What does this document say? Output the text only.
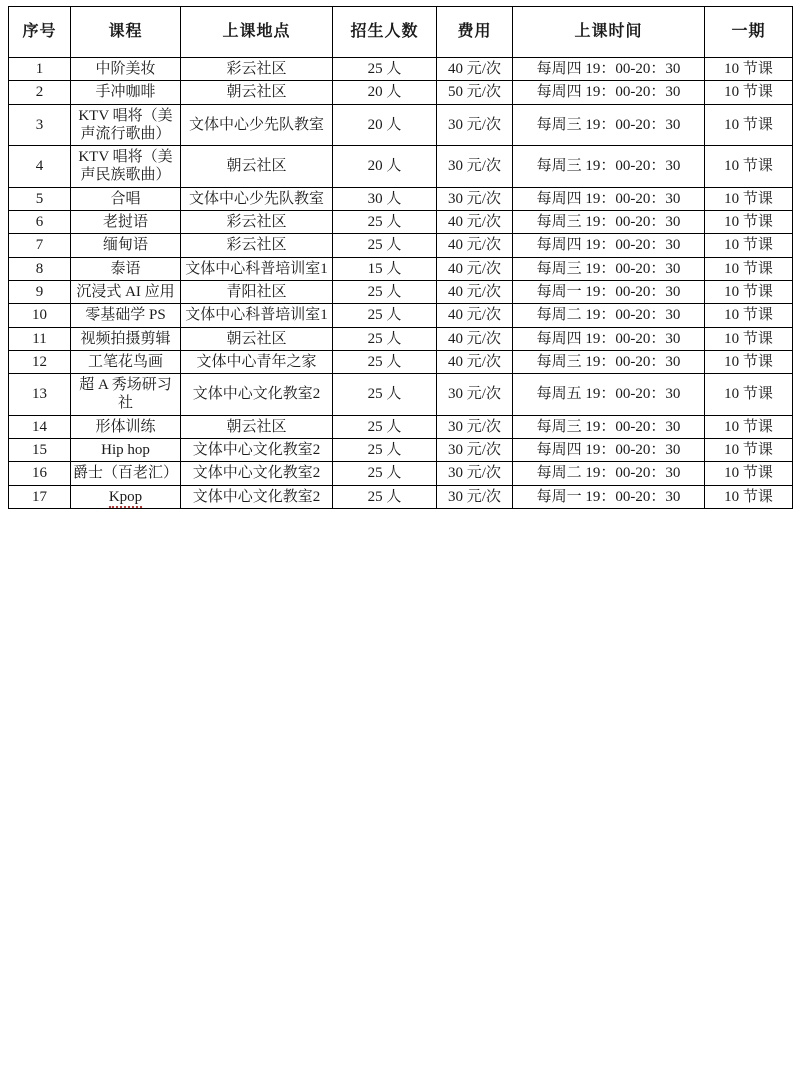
序号	课程	上课地点	招生人数	费用	上课时间	一期
1	中阶美妆	彩云社区	25 人	40 元/次	每周四 19：00-20：30	10 节课
2	手冲咖啡	朝云社区	20 人	50 元/次	每周四 19：00-20：30	10 节课
3	KTV 唱将（美声流行歌曲）	文体中心少先队教室	20 人	30 元/次	每周三 19：00-20：30	10 节课
4	KTV 唱将（美声民族歌曲）	朝云社区	20 人	30 元/次	每周三 19：00-20：30	10 节课
5	合唱	文体中心少先队教室	30 人	30 元/次	每周四 19：00-20：30	10 节课
6	老挝语	彩云社区	25 人	40 元/次	每周三 19：00-20：30	10 节课
7	缅甸语	彩云社区	25 人	40 元/次	每周四 19：00-20：30	10 节课
8	泰语	文体中心科普培训室1	15 人	40 元/次	每周三 19：00-20：30	10 节课
9	沉浸式 AI 应用	青阳社区	25 人	40 元/次	每周一 19：00-20：30	10 节课
10	零基础学 PS	文体中心科普培训室1	25 人	40 元/次	每周二 19：00-20：30	10 节课
11	视频拍摄剪辑	朝云社区	25 人	40 元/次	每周四 19：00-20：30	10 节课
12	工笔花鸟画	文体中心青年之家	25 人	40 元/次	每周三 19：00-20：30	10 节课
13	超 A 秀场研习社	文体中心文化教室2	25 人	30 元/次	每周五 19：00-20：30	10 节课
14	形体训练	朝云社区	25 人	30 元/次	每周三 19：00-20：30	10 节课
15	Hip hop	文体中心文化教室2	25 人	30 元/次	每周四 19：00-20：30	10 节课
16	爵士（百老汇）	文体中心文化教室2	25 人	30 元/次	每周二 19：00-20：30	10 节课
17	Kpop	文体中心文化教室2	25 人	30 元/次	每周一 19：00-20：30	10 节课
